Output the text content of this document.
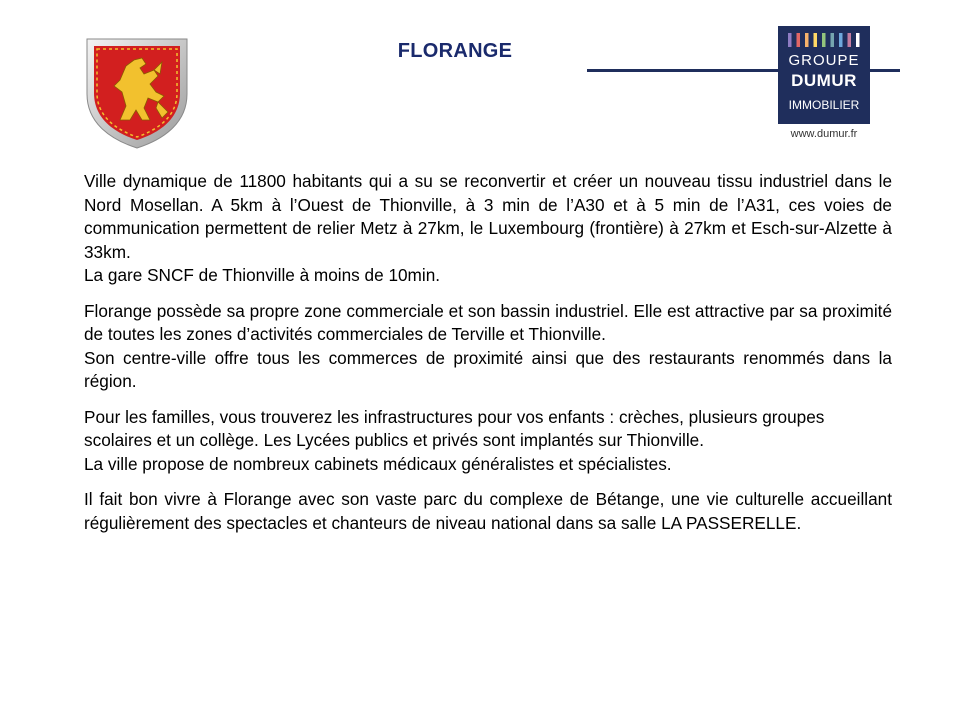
FLORANGE	GROUPE
DUMUR
IMMOBILIER
www.dumur.fr

Ville dynamique de 11800 habitants qui a su se reconvertir et créer un nouveau tissu industriel dans le Nord Mosellan. A 5km à l’Ouest de Thionville, à 3 min de l’A30 et à 5 min de l’A31, ces voies de communication permettent de relier Metz à 27km, le Luxembourg (frontière) à 27km et Esch-sur-Alzette à 33km.
La gare SNCF de Thionville à moins de 10min.

Florange possède sa propre zone commerciale et son bassin industriel. Elle est attractive par sa proximité de toutes les zones d’activités commerciales de Terville et Thionville.
Son centre-ville offre tous les commerces de proximité ainsi que des restaurants renommés dans la région.

Pour les familles, vous trouverez les infrastructures pour vos enfants : crèches, plusieurs groupes scolaires et un collège. Les Lycées publics et privés sont implantés sur Thionville.
La ville propose de nombreux cabinets médicaux généralistes et spécialistes.

Il fait bon vivre à Florange avec son vaste parc du complexe de Bétange, une vie culturelle accueillant régulièrement des spectacles et chanteurs de niveau national dans sa salle LA PASSERELLE.
